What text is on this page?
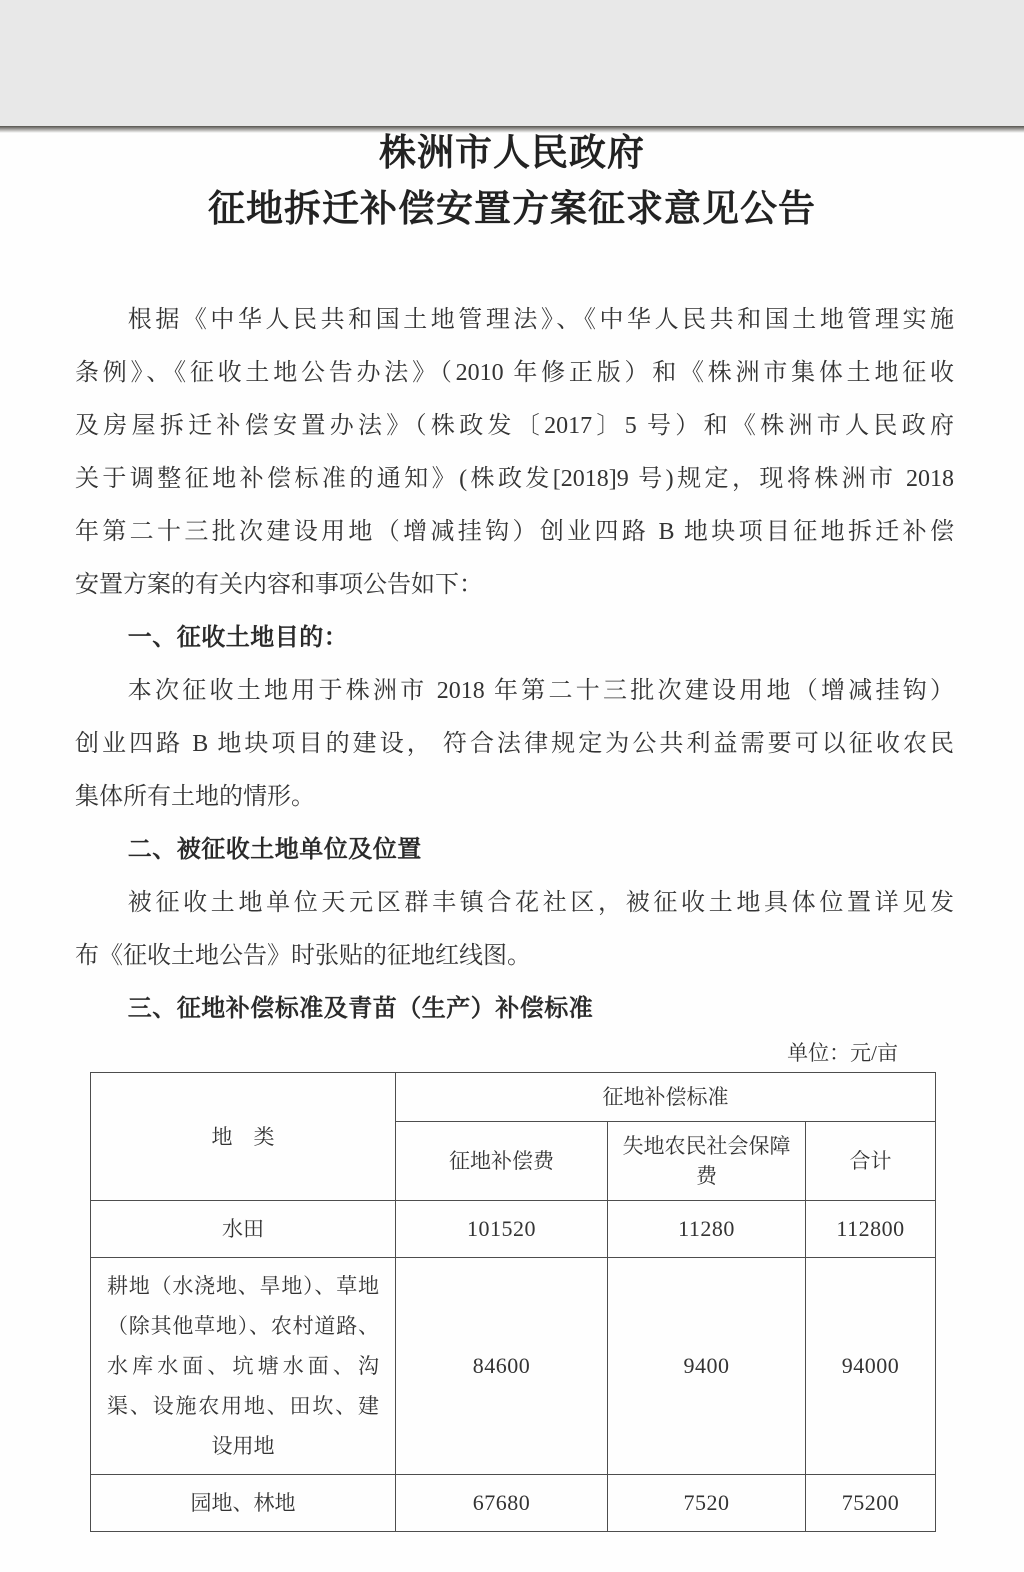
株洲市人民政府
征地拆迁补偿安置方案征求意见公告
根据《中华人民共和国土地管理法》、《中华人民共和国土地管理实施
条例》、《征收土地公告办法》（2010 年修正版）和《株洲市集体土地征收
及房屋拆迁补偿安置办法》（株政发〔2017〕5 号）和《株洲市人民政府
关于调整征地补偿标准的通知》(株政发[2018]9 号)规定，现将株洲市 2018
年第二十三批次建设用地（增减挂钩）创业四路 B 地块项目征地拆迁补偿
安置方案的有关内容和事项公告如下：
一、征收土地目的：
本次征收土地用于株洲市 2018 年第二十三批次建设用地（增减挂钩）
创业四路 B 地块项目的建设， 符合法律规定为公共利益需要可以征收农民
集体所有土地的情形。
二、被征收土地单位及位置
被征收土地单位天元区群丰镇合花社区，被征收土地具体位置详见发
布《征收土地公告》时张贴的征地红线图。
三、征地补偿标准及青苗（生产）补偿标准
单位：元/亩
地　类	征地补偿标准		
	征地补偿费	失地农民社会保障费	合计
水田	101520	11280	112800
耕地（水浇地、旱地）、草地（除其他草地）、农村道路、水库水面、坑塘水面、沟渠、设施农用地、田坎、建设用地	84600	9400	94000
园地、林地	67680	7520	75200
